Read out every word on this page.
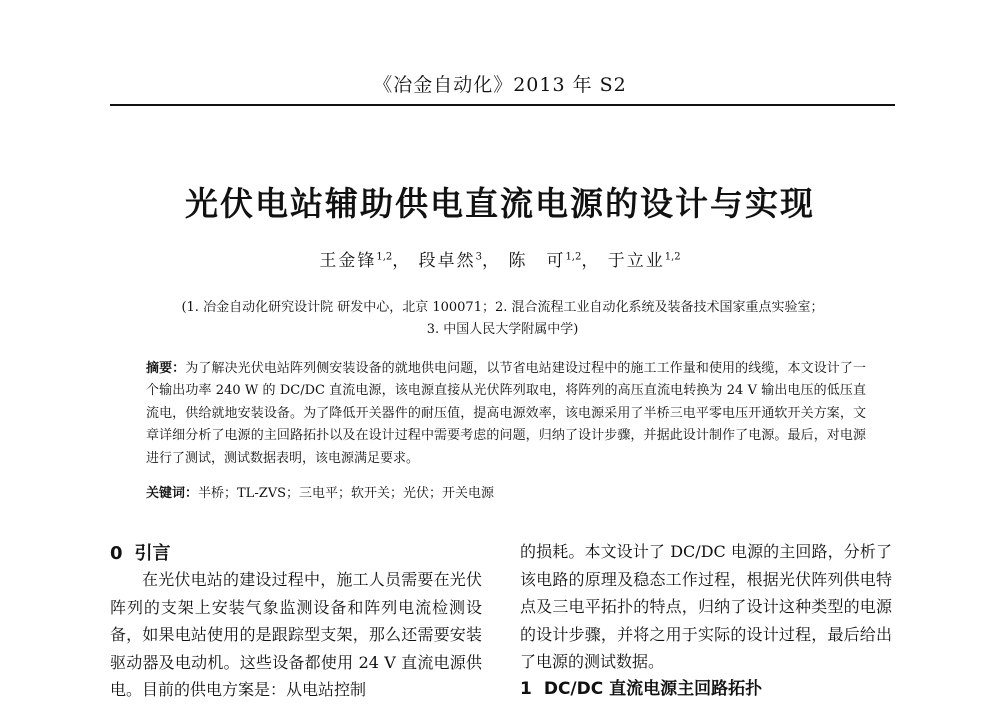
《冶金自动化》2013 年 S2
光伏电站辅助供电直流电源的设计与实现
王金锋$^{1,2}$， 段卓然$^3$， 陈　可$^{1,2}$， 于立业$^{1,2}$
(1. 冶金自动化研究设计院 研发中心，北京 100071；2. 混合流程工业自动化系统及装备技术国家重点实验室；
3. 中国人民大学附属中学)
摘要：为了解决光伏电站阵列侧安装设备的就地供电问题，以节省电站建设过程中的施工工作量和使用的线缆，本文设计了一个输出功率 240 W 的 DC/DC 直流电源，该电源直接从光伏阵列取电，将阵列的高压直流电转换为 24 V 输出电压的低压直流电，供给就地安装设备。为了降低开关器件的耐压值，提高电源效率，该电源采用了半桥三电平零电压开通软开关方案，文章详细分析了电源的主回路拓扑以及在设计过程中需要考虑的问题，归纳了设计步骤，并据此设计制作了电源。最后，对电源进行了测试，测试数据表明，该电源满足要求。
关键词：半桥；TL-ZVS；三电平；软开关；光伏；开关电源
0 引言

在光伏电站的建设过程中，施工人员需要在光伏阵列的支架上安装气象监测设备和阵列电流检测设备，如果电站使用的是跟踪型支架，那么还需要安装驱动器及电动机。这些设备都使用 24 V 直流电源供电。目前的供电方案是：从电站控制

的损耗。本文设计了 DC/DC 电源的主回路，分析了该电路的原理及稳态工作过程，根据光伏阵列供电特点及三电平拓扑的特点，归纳了设计这种类型的电源的设计步骤，并将之用于实际的设计过程，最后给出了电源的测试数据。

1 DC/DC 直流电源主回路拓扑
